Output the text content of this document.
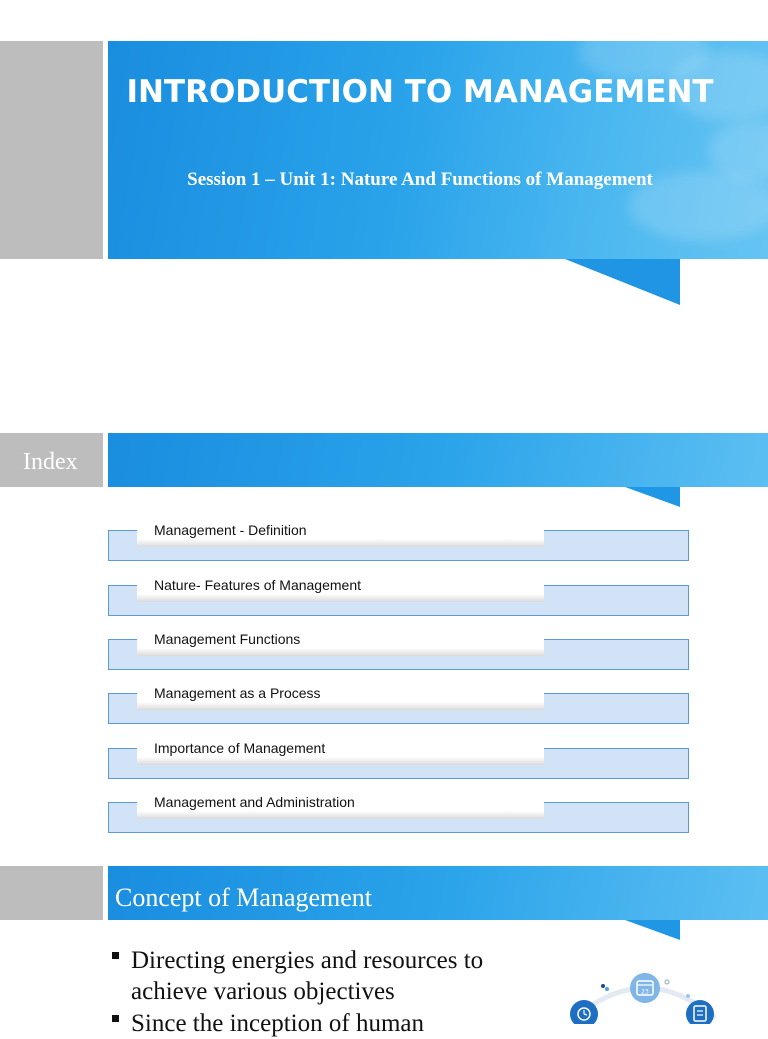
INTRODUCTION TO MANAGEMENT

Session 1 – Unit 1: Nature And Functions of Management

Index
Management - Definition
Nature- Features of Management
Management Functions
Management as a Process
Importance of Management
Management and Administration
Concept of Management
Directing energies and resources to
achieve various objectives
Since the inception of human
23
